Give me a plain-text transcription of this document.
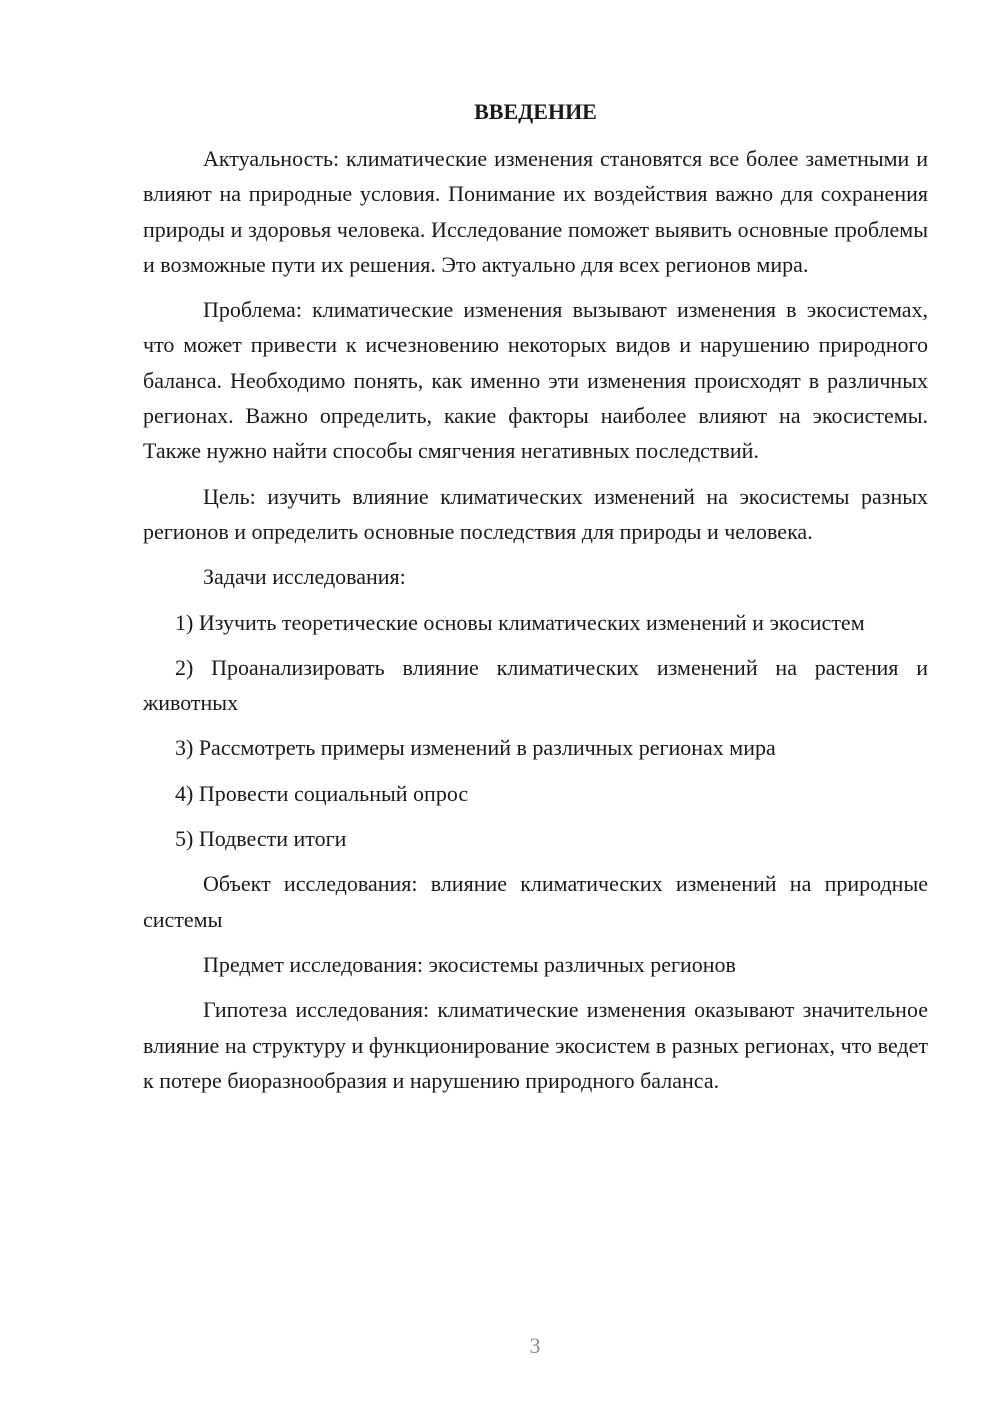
ВВЕДЕНИЕ

Актуальность: климатические изменения становятся все более заметными и влияют на природные условия. Понимание их воздействия важно для сохранения природы и здоровья человека. Исследование поможет выявить основные проблемы и возможные пути их решения. Это актуально для всех регионов мира.

Проблема: климатические изменения вызывают изменения в экосистемах, что может привести к исчезновению некоторых видов и нарушению природного баланса. Необходимо понять, как именно эти изменения происходят в различных регионах. Важно определить, какие факторы наиболее влияют на экосистемы. Также нужно найти способы смягчения негативных последствий.

Цель: изучить влияние климатических изменений на экосистемы разных регионов и определить основные последствия для природы и человека.

Задачи исследования:

1) Изучить теоретические основы климатических изменений и экосистем

2) Проанализировать влияние климатических изменений на растения и животных

3) Рассмотреть примеры изменений в различных регионах мира

4) Провести социальный опрос

5) Подвести итоги

Объект исследования: влияние климатических изменений на природные системы

Предмет исследования: экосистемы различных регионов

Гипотеза исследования: климатические изменения оказывают значительное влияние на структуру и функционирование экосистем в разных регионах, что ведет к потере биоразнообразия и нарушению природного баланса.

3
